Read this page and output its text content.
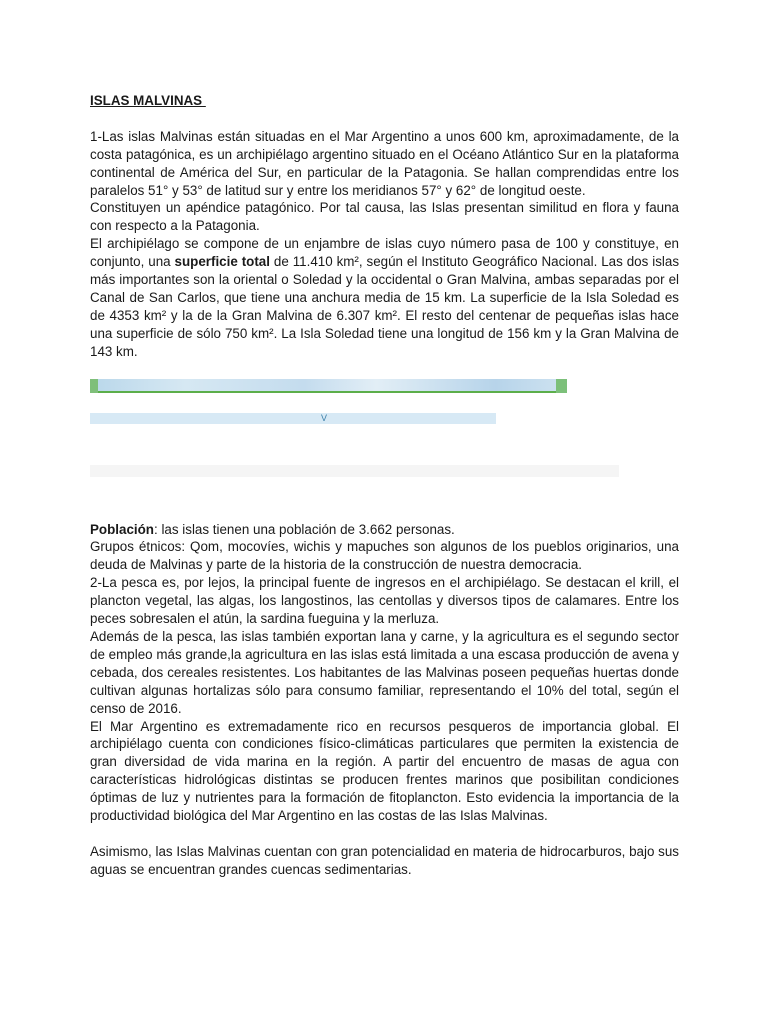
ISLAS MALVINAS

1-Las islas Malvinas están situadas en el Mar Argentino a unos 600 km, aproximadamente, de la costa patagónica, es un archipiélago argentino situado en el Océano Atlántico Sur en la plataforma continental de América del Sur, en particular de la Patagonia. Se hallan comprendidas entre los paralelos 51° y 53° de latitud sur y entre los meridianos 57° y 62° de longitud oeste.

Constituyen un apéndice patagónico. Por tal causa, las Islas presentan similitud en flora y fauna con respecto a la Patagonia.

El archipiélago se compone de un enjambre de islas cuyo número pasa de 100 y constituye, en conjunto, una superficie total de 11.410 km², según el Instituto Geográfico Nacional. Las dos islas más importantes son la oriental o Soledad y la occidental o Gran Malvina, ambas separadas por el Canal de San Carlos, que tiene una anchura media de 15 km. La superficie de la Isla Soledad es de 4353 km² y la de la Gran Malvina de 6.307 km². El resto del centenar de pequeñas islas hace una superficie de sólo 750 km². La Isla Soledad tiene una longitud de 156 km y la Gran Malvina de 143 km.

V

Población: las islas tienen una población de 3.662 personas.

Grupos étnicos: Qom, mocovíes, wichis y mapuches son algunos de los pueblos originarios, una deuda de Malvinas y parte de la historia de la construcción de nuestra democracia.

2-La pesca es, por lejos, la principal fuente de ingresos en el archipiélago. Se destacan el krill, el plancton vegetal, las algas, los langostinos, las centollas y diversos tipos de calamares. Entre los peces sobresalen el atún, la sardina fueguina y la merluza.

Además de la pesca, las islas también exportan lana y carne, y la agricultura es el segundo sector de empleo más grande,la agricultura en las islas está limitada a una escasa producción de avena y cebada, dos cereales resistentes. Los habitantes de las Malvinas poseen pequeñas huertas donde cultivan algunas hortalizas sólo para consumo familiar, representando el 10% del total, según el censo de 2016.

El Mar Argentino es extremadamente rico en recursos pesqueros de importancia global. El archipiélago cuenta con condiciones físico-climáticas particulares que permiten la existencia de gran diversidad de vida marina en la región. A partir del encuentro de masas de agua con características hidrológicas distintas se producen frentes marinos que posibilitan condiciones óptimas de luz y nutrientes para la formación de fitoplancton. Esto evidencia la importancia de la productividad biológica del Mar Argentino en las costas de las Islas Malvinas.

Asimismo, las Islas Malvinas cuentan con gran potencialidad en materia de hidrocarburos, bajo sus aguas se encuentran grandes cuencas sedimentarias.
